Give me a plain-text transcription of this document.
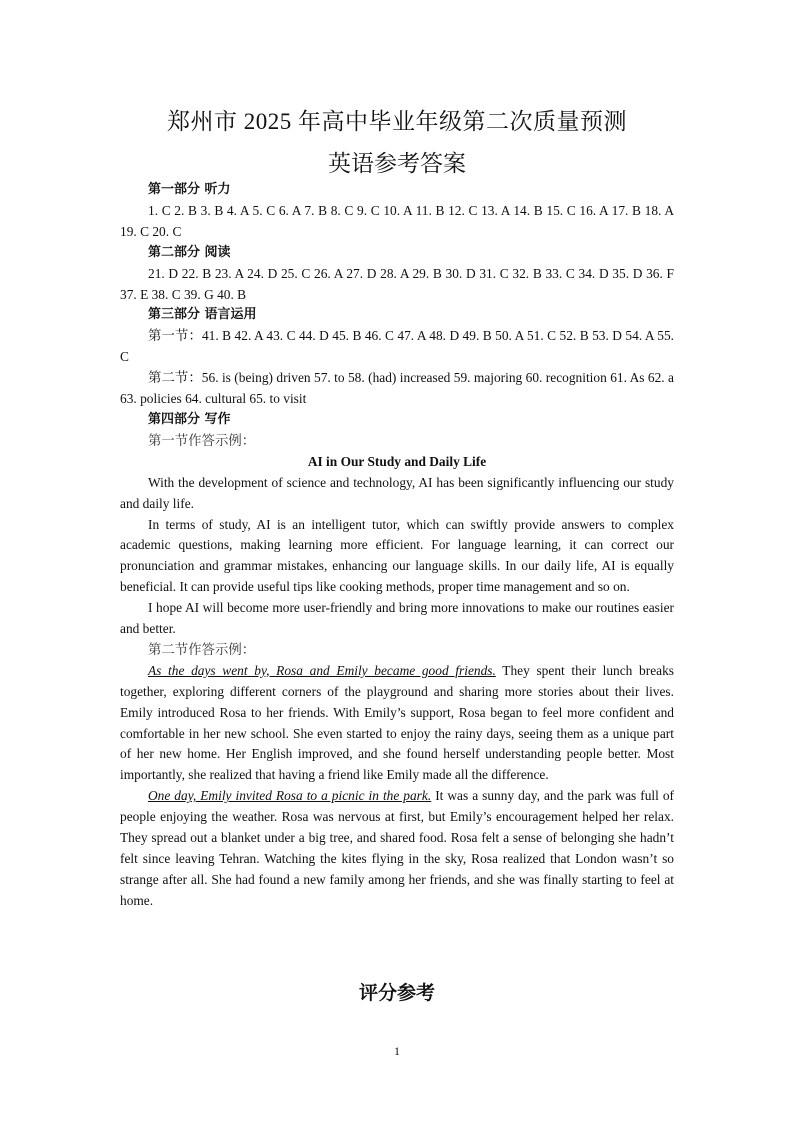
郑州市 2025 年高中毕业年级第二次质量预测
英语参考答案

第一部分 听力

1. C 2. B 3. B 4. A 5. C 6. A 7. B 8. C 9. C 10. A 11. B 12. C 13. A 14. B 15. C 16. A 17. B 18. A 19. C 20. C

第二部分 阅读

21. D 22. B 23. A 24. D 25. C 26. A 27. D 28. A 29. B 30. D 31. C 32. B 33. C 34. D 35. D 36. F 37. E 38. C 39. G 40. B

第三部分 语言运用

第一节：41. B 42. A 43. C 44. D 45. B 46. C 47. A 48. D 49. B 50. A 51. C 52. B 53. D 54. A 55. C

第二节：56. is (being) driven 57. to 58. (had) increased 59. majoring 60. recognition 61. As 62. a 63. policies 64. cultural 65. to visit

第四部分 写作

第一节作答示例：

AI in Our Study and Daily Life

With the development of science and technology, AI has been significantly influencing our study and daily life.

In terms of study, AI is an intelligent tutor, which can swiftly provide answers to complex academic questions, making learning more efficient. For language learning, it can correct our pronunciation and grammar mistakes, enhancing our language skills. In our daily life, AI is equally beneficial. It can provide useful tips like cooking methods, proper time management and so on.

I hope AI will become more user-friendly and bring more innovations to make our routines easier and better.

第二节作答示例：

As the days went by, Rosa and Emily became good friends. They spent their lunch breaks together, exploring different corners of the playground and sharing more stories about their lives. Emily introduced Rosa to her friends. With Emily’s support, Rosa began to feel more confident and comfortable in her new school. She even started to enjoy the rainy days, seeing them as a unique part of her new home. Her English improved, and she found herself understanding people better. Most importantly, she realized that having a friend like Emily made all the difference.

One day, Emily invited Rosa to a picnic in the park. It was a sunny day, and the park was full of people enjoying the weather. Rosa was nervous at first, but Emily’s encouragement helped her relax. They spread out a blanket under a big tree, and shared food. Rosa felt a sense of belonging she hadn’t felt since leaving Tehran. Watching the kites flying in the sky, Rosa realized that London wasn’t so strange after all. She had found a new family among her friends, and she was finally starting to feel at home.

评分参考
1
